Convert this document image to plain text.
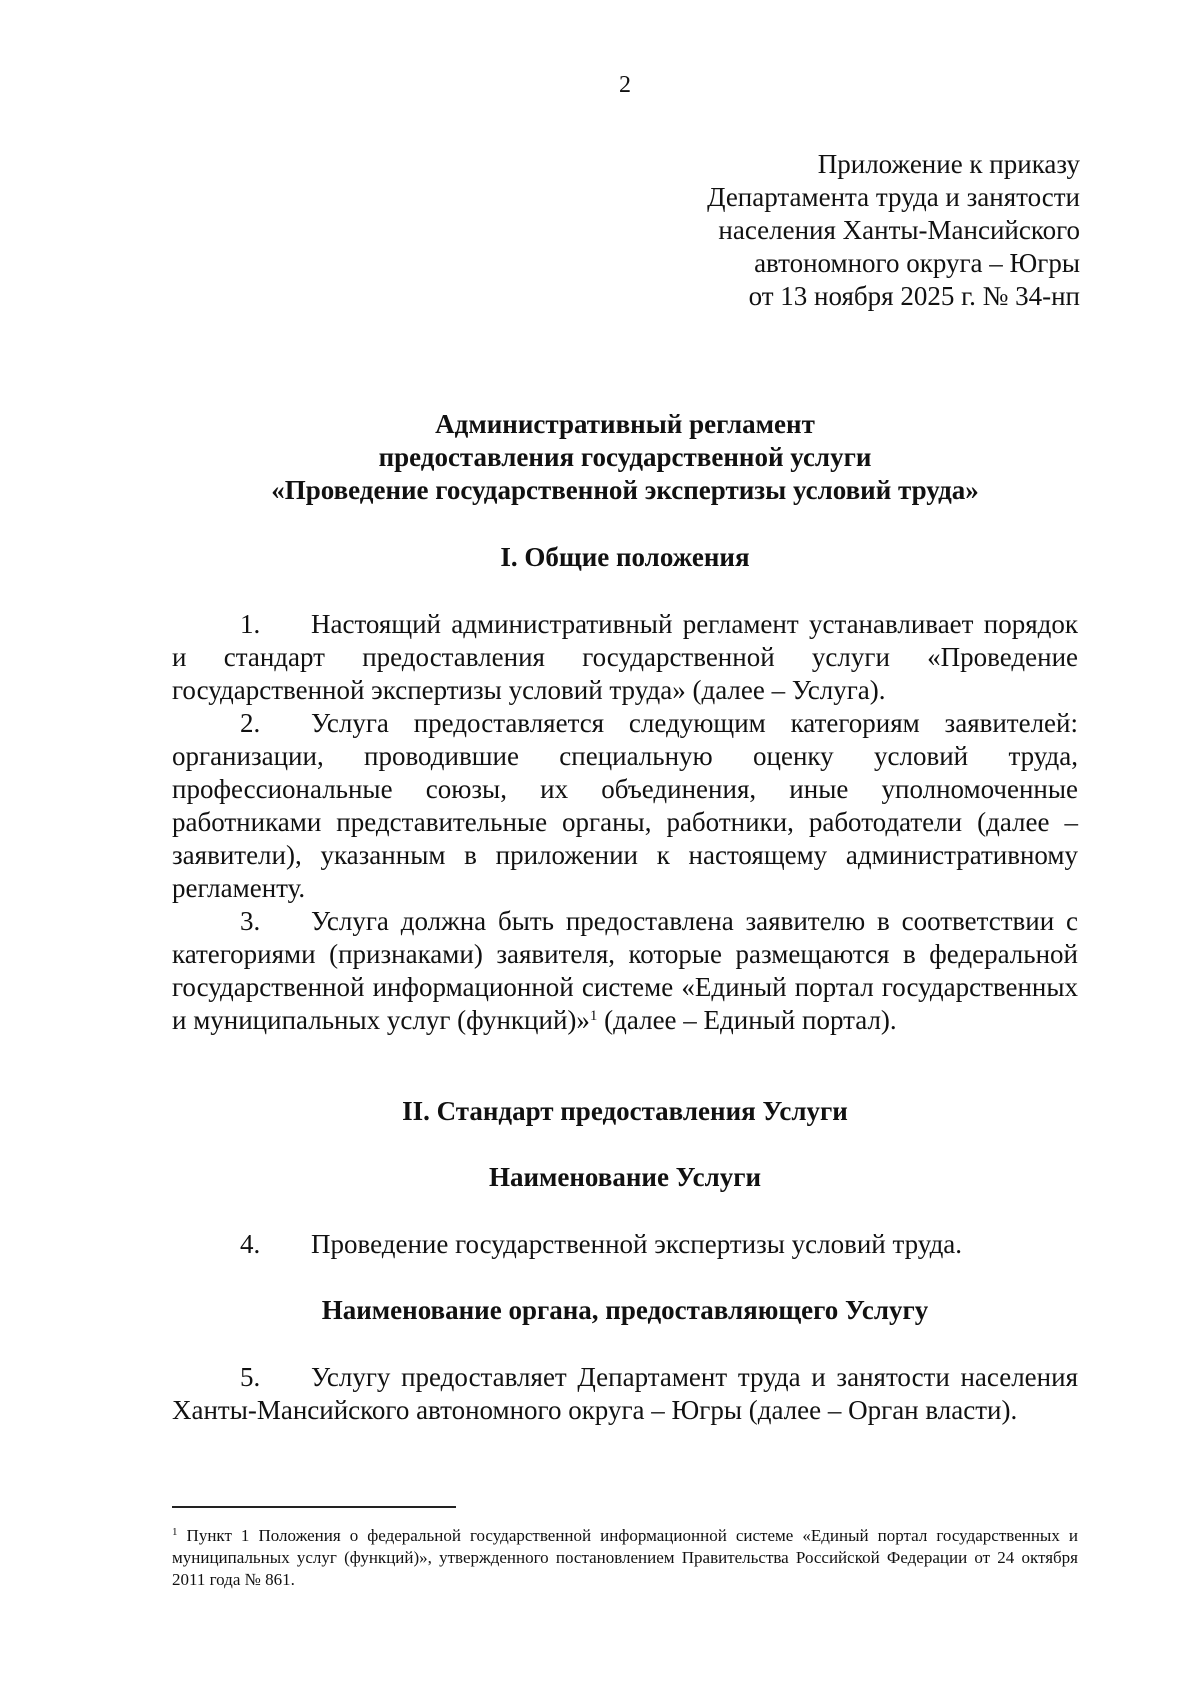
2
Приложение к приказу
Департамента труда и занятости
населения Ханты-Мансийского
автономного округа – Югры
от 13 ноября 2025 г. № 34-нп
Административный регламент
предоставления государственной услуги
«Проведение государственной экспертизы условий труда»
I. Общие положения
1. Настоящий административный регламент устанавливает порядок и стандарт предоставления государственной услуги «Проведение государственной экспертизы условий труда» (далее – Услуга).
2. Услуга предоставляется следующим категориям заявителей: организации, проводившие специальную оценку условий труда, профессиональные союзы, их объединения, иные уполномоченные работниками представительные органы, работники, работодатели (далее – заявители), указанным в приложении к настоящему административному регламенту.
3. Услуга должна быть предоставлена заявителю в соответствии с категориями (признаками) заявителя, которые размещаются в федеральной государственной информационной системе «Единый портал государственных и муниципальных услуг (функций)»$^1$ (далее – Единый портал).
II. Стандарт предоставления Услуги
Наименование Услуги
4. Проведение государственной экспертизы условий труда.
Наименование органа, предоставляющего Услугу
5. Услугу предоставляет Департамент труда и занятости населения Ханты-Мансийского автономного округа – Югры (далее – Орган власти).
$^1$ Пункт 1 Положения о федеральной государственной информационной системе «Единый портал государственных и муниципальных услуг (функций)», утвержденного постановлением Правительства Российской Федерации от 24 октября 2011 года № 861.
